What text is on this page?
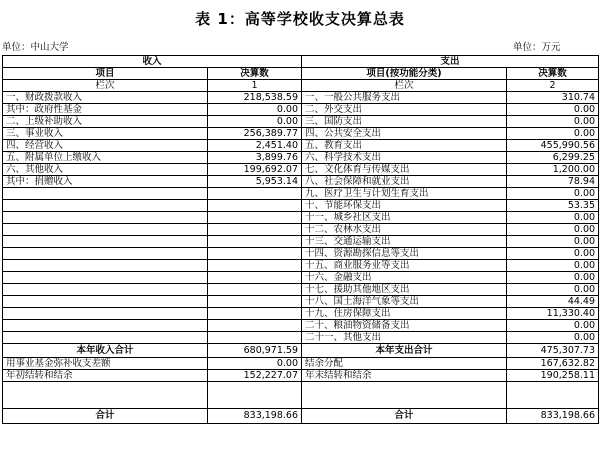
表 1：高等学校收支决算总表
单位：中山大学	单位：万元
收入		支出	
项目	决算数	项目(按功能分类)	决算数
栏次	1	栏次	2
一、财政拨款收入	218,538.59	一、一般公共服务支出	310.74
其中：政府性基金	0.00	二、外交支出	0.00
二、上级补助收入	0.00	三、国防支出	0.00
三、事业收入	256,389.77	四、公共安全支出	0.00
四、经营收入	2,451.40	五、教育支出	455,990.56
五、附属单位上缴收入	3,899.76	六、科学技术支出	6,299.25
六、其他收入	199,692.07	七、文化体育与传媒支出	1,200.00
其中：捐赠收入	5,953.14	八、社会保障和就业支出	78.94
		九、医疗卫生与计划生育支出	0.00
		十、节能环保支出	53.35
		十一、城乡社区支出	0.00
		十二、农林水支出	0.00
		十三、交通运输支出	0.00
		十四、资源勘探信息等支出	0.00
		十五、商业服务业等支出	0.00
		十六、金融支出	0.00
		十七、援助其他地区支出	0.00
		十八、国土海洋气象等支出	44.49
		十九、住房保障支出	11,330.40
		二十、粮油物资储备支出	0.00
		二十一、其他支出	0.00
本年收入合计	680,971.59	本年支出合计	475,307.73
用事业基金弥补收支差额	0.00	结余分配	167,632.82
年初结转和结余	152,227.07	年末结转和结余	190,258.11

合计	833,198.66	合计	833,198.66
